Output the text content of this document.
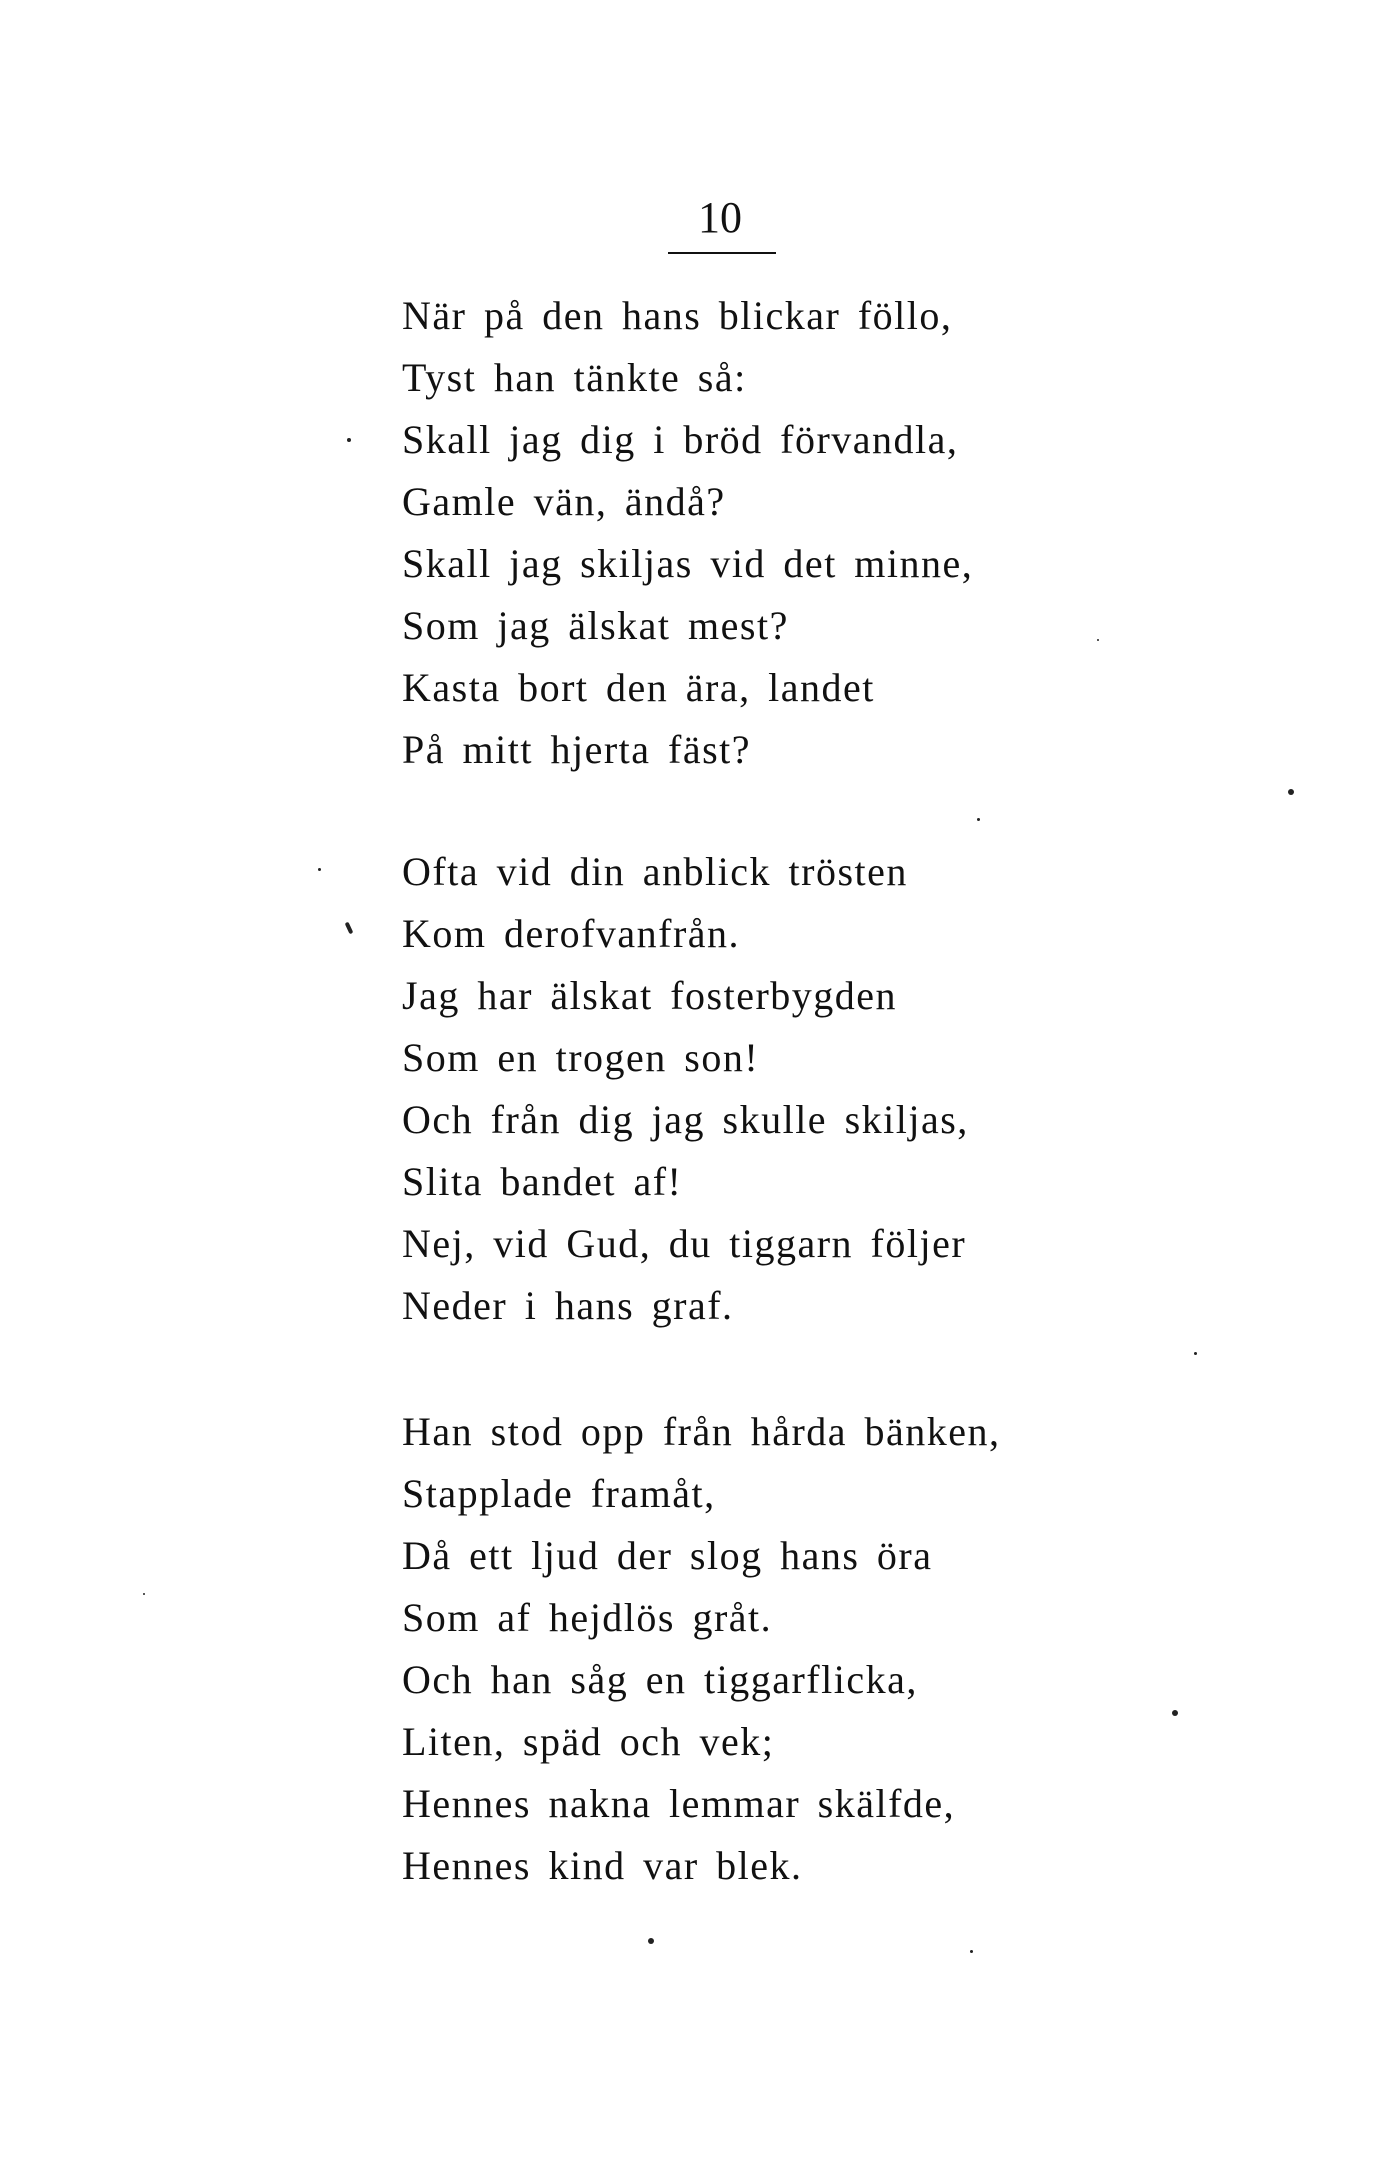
10
När på den hans blickar föllo,
Tyst han tänkte så:
Skall jag dig i bröd förvandla,
Gamle vän, ändå?
Skall jag skiljas vid det minne,
Som jag älskat mest?
Kasta bort den ära, landet
På mitt hjerta fäst?
Ofta vid din anblick trösten
Kom derofvanfrån.
Jag har älskat fosterbygden
Som en trogen son!
Och från dig jag skulle skiljas,
Slita bandet af!
Nej, vid Gud, du tiggarn följer
Neder i hans graf.
Han stod opp från hårda bänken,
Stapplade framåt,
Då ett ljud der slog hans öra
Som af hejdlös gråt.
Och han såg en tiggarflicka,
Liten, späd och vek;
Hennes nakna lemmar skälfde,
Hennes kind var blek.
